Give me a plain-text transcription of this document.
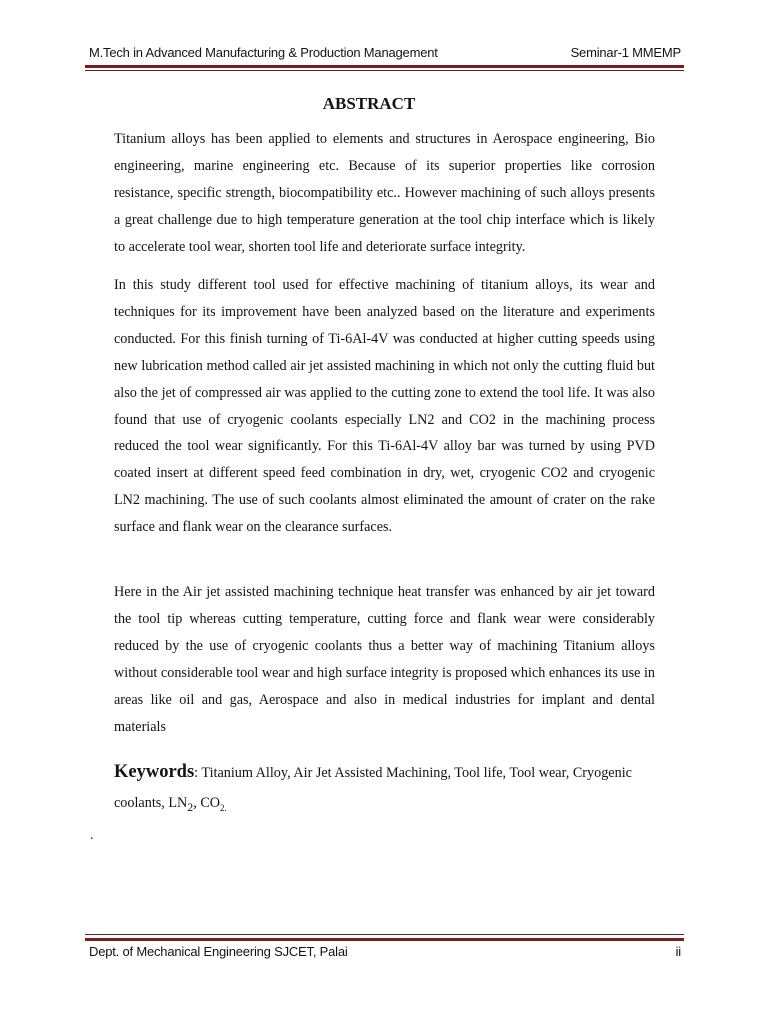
M.Tech in Advanced Manufacturing & Production Management	Seminar-1 MMEMP
ABSTRACT

Titanium alloys has been applied to elements and structures in Aerospace engineering, Bio engineering, marine engineering etc. Because of its superior properties like corrosion resistance, specific strength, biocompatibility etc.. However machining of such alloys presents a great challenge due to high temperature generation at the tool chip interface which is likely to accelerate tool wear, shorten tool life and deteriorate surface integrity.

In this study different tool used for effective machining of titanium alloys, its wear and techniques for its improvement have been analyzed based on the literature and experiments conducted. For this finish turning of Ti-6Al-4V was conducted at higher cutting speeds using new lubrication method called air jet assisted machining in which not only the cutting fluid but also the jet of compressed air was applied to the cutting zone to extend the tool life. It was also found that use of cryogenic coolants especially LN2 and CO2 in the machining process reduced the tool wear significantly. For this Ti-6Al-4V alloy bar was turned by using PVD coated insert at different speed feed combination in dry, wet, cryogenic CO2 and cryogenic LN2 machining. The use of such coolants almost eliminated the amount of crater on the rake surface and flank wear on the clearance surfaces.

Here in the Air jet assisted machining technique heat transfer was enhanced by air jet toward the tool tip whereas cutting temperature, cutting force and flank wear were considerably reduced by the use of cryogenic coolants thus a better way of machining Titanium alloys without considerable tool wear and high surface integrity is proposed which enhances its use in areas like oil and gas, Aerospace and also in medical industries for implant and dental materials

Keywords: Titanium Alloy, Air Jet Assisted Machining, Tool life, Tool wear, Cryogenic coolants, $LN_2$, $CO_{2.}$

.
Dept. of Mechanical Engineering SJCET, Palai	ii
